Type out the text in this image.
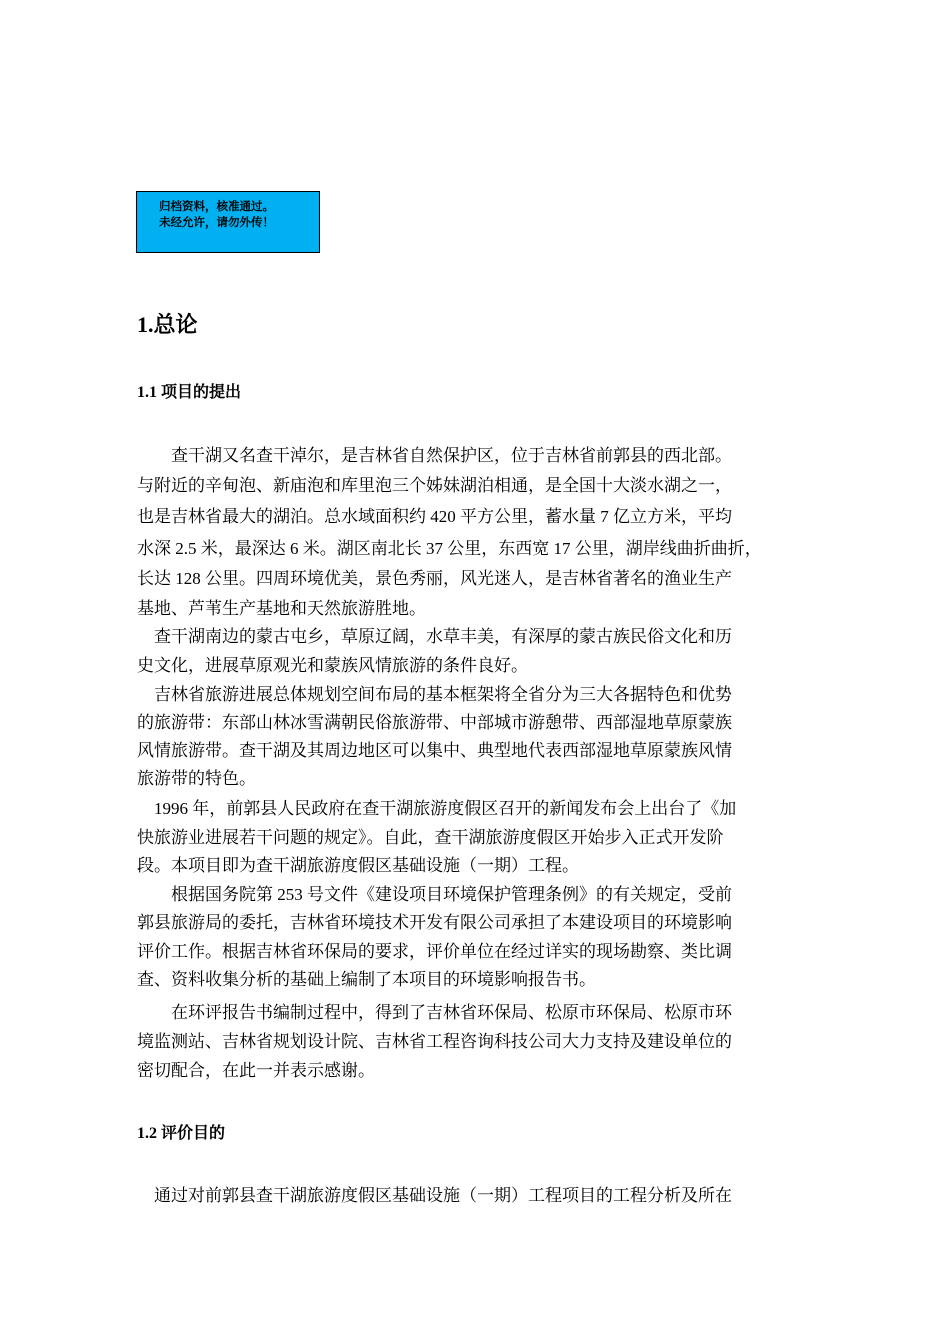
归档资料，核准通过。
未经允许，请勿外传！
1.总论
1.1 项目的提出
　　查干湖又名查干淖尔，是吉林省自然保护区，位于吉林省前郭县的西北部。
与附近的辛甸泡、新庙泡和库里泡三个姊妹湖泊相通，是全国十大淡水湖之一，
也是吉林省最大的湖泊。总水域面积约 420 平方公里，蓄水量 7 亿立方米，平均
水深 2.5 米，最深达 6 米。湖区南北长 37 公里，东西宽 17 公里，湖岸线曲折曲折，
长达 128 公里。四周环境优美，景色秀丽，风光迷人，是吉林省著名的渔业生产
基地、芦苇生产基地和天然旅游胜地。
　查干湖南边的蒙古屯乡，草原辽阔，水草丰美，有深厚的蒙古族民俗文化和历
史文化，进展草原观光和蒙族风情旅游的条件良好。
　吉林省旅游进展总体规划空间布局的基本框架将全省分为三大各据特色和优势
的旅游带：东部山林冰雪满朝民俗旅游带、中部城市游憩带、西部湿地草原蒙族
风情旅游带。查干湖及其周边地区可以集中、典型地代表西部湿地草原蒙族风情
旅游带的特色。
　1996 年，前郭县人民政府在查干湖旅游度假区召开的新闻发布会上出台了《加
快旅游业进展若干问题的规定》。自此，查干湖旅游度假区开始步入正式开发阶
段。本项目即为查干湖旅游度假区基础设施（一期）工程。
　　根据国务院第 253 号文件《建设项目环境保护管理条例》的有关规定，受前
郭县旅游局的委托，吉林省环境技术开发有限公司承担了本建设项目的环境影响
评价工作。根据吉林省环保局的要求，评价单位在经过详实的现场勘察、类比调
查、资料收集分析的基础上编制了本项目的环境影响报告书。
　　在环评报告书编制过程中，得到了吉林省环保局、松原市环保局、松原市环
境监测站、吉林省规划设计院、吉林省工程咨询科技公司大力支持及建设单位的
密切配合，在此一并表示感谢。
1.2 评价目的
　通过对前郭县查干湖旅游度假区基础设施（一期）工程项目的工程分析及所在
